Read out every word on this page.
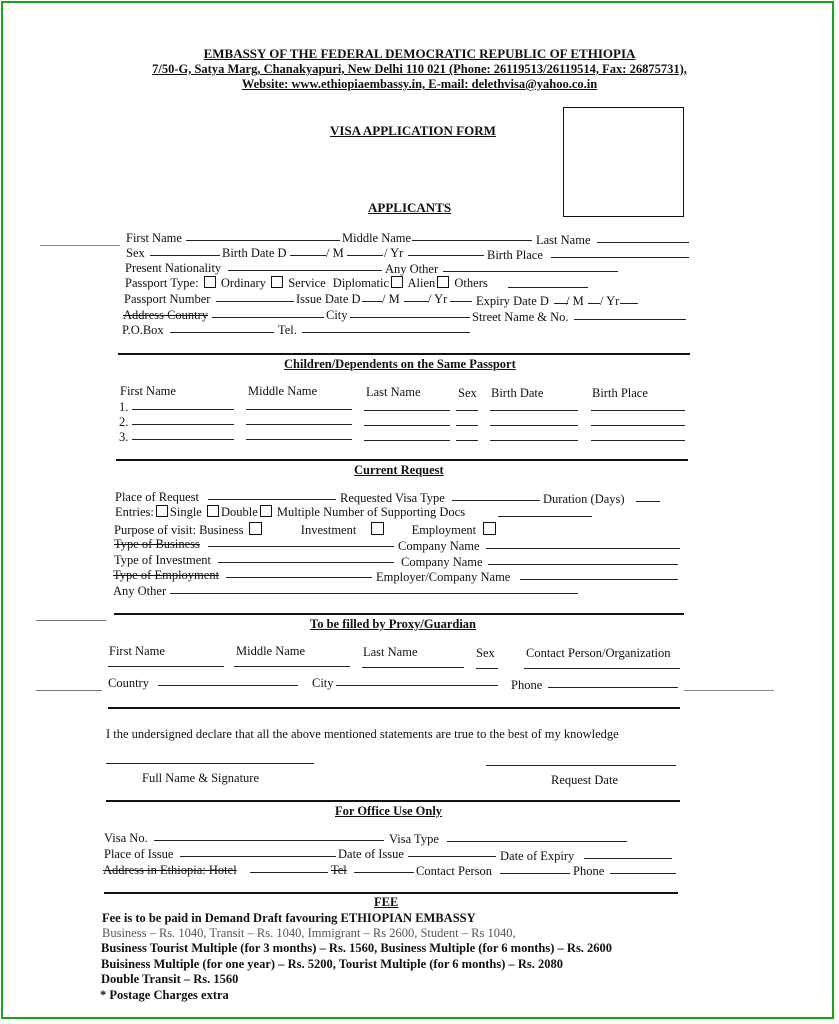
EMBASSY OF THE FEDERAL DEMOCRATIC REPUBLIC OF ETHIOPIA
7/50-G, Satya Marg, Chanakyapuri, New Delhi 110 021 (Phone: 26119513/26119514, Fax: 26875731),
Website: www.ethiopiaembassy.in, E-mail: delethvisa@yahoo.co.in
VISA APPLICATION FORM
APPLICANTS
First Name	Middle Name	Last Name
Sex	Birth Date D	/ M	/ Yr	Birth Place
Present Nationality	Any Other
Passport Type: Ordinary Service Diplomatic Alien Others
Passport Number	Issue Date D / M / Yr Expiry Date D / M / Yr
Address Country	City	Street Name & No.
P.O.Box	Tel.
Children/Dependents on the Same Passport
First Name	Middle Name	Last Name	Sex Birth Date	Birth Place
1.
2.
3.
Current Request
Place of Request	Requested Visa Type	Duration (Days)
Entries: Single Double Multiple Number of Supporting Docs
Purpose of visit: Business	Investment	Employment
Type of Business	Company Name
Type of Investment	Company Name
Type of Employment	Employer/Company Name
Any Other
To be filled by Proxy/Guardian
First Name	Middle Name	Last Name	Sex	Contact Person/Organization
Country	City	Phone
I the undersigned declare that all the above mentioned statements are true to the best of my knowledge
Full Name & Signature	Request Date
For Office Use Only
Visa No.	Visa Type
Place of Issue	Date of Issue	Date of Expiry
Address in Ethiopia: Hotel	Tel	Contact Person	Phone
FEE
Fee is to be paid in Demand Draft favouring ETHIOPIAN EMBASSY
Business – Rs. 1040, Transit – Rs. 1040, Immigrant – Rs 2600, Student – Rs 1040,
Business Tourist Multiple (for 3 months) – Rs. 1560, Business Multiple (for 6 months) – Rs. 2600
Buisiness Multiple (for one year) – Rs. 5200, Tourist Multiple (for 6 months) – Rs. 2080
Double Transit – Rs. 1560
* Postage Charges extra
